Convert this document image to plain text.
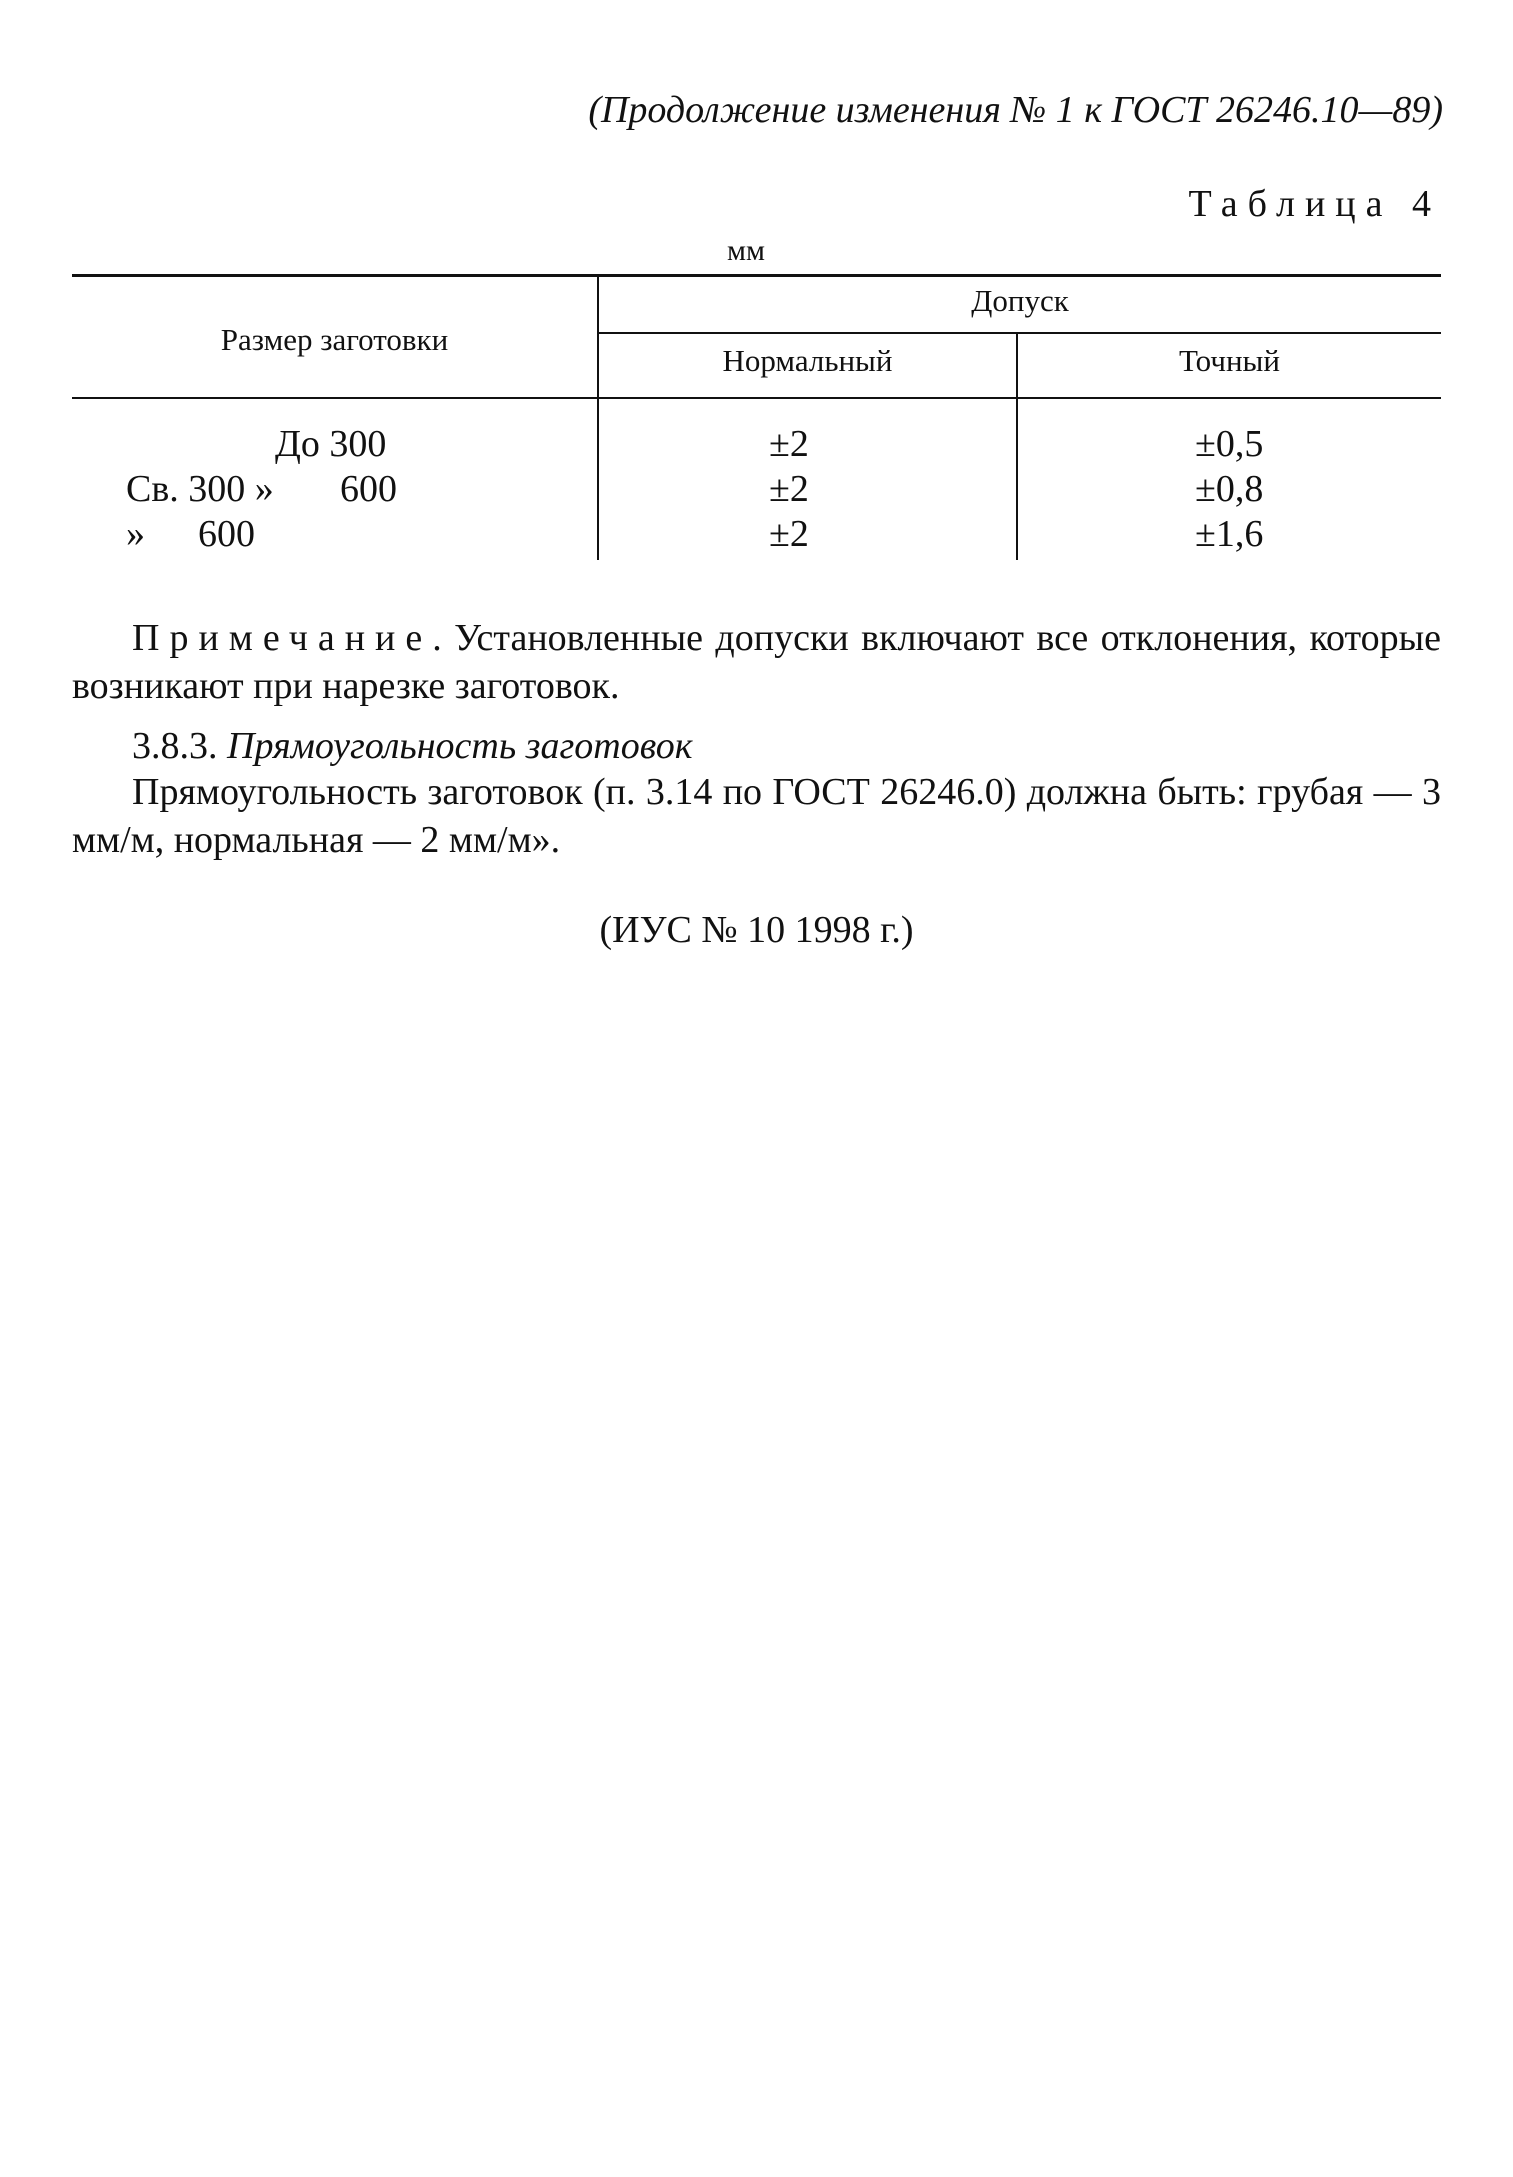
(Продолжение изменения № 1 к ГОСТ 26246.10—89)
Таблица 4
мм
Размер заготовки
Допуск
Нормальный	Точный
До 300	±2	±0,5
Св. 300 » 600	±2	±0,8
» 600	±2	±1,6
Примечание. Установленные допуски включают все отклонения, которые возникают при нарезке заготовок.
3.8.3. Прямоугольность заготовок
Прямоугольность заготовок (п. 3.14 по ГОСТ 26246.0) должна быть: грубая — 3 мм/м, нормальная — 2 мм/м».
(ИУС № 10 1998 г.)
